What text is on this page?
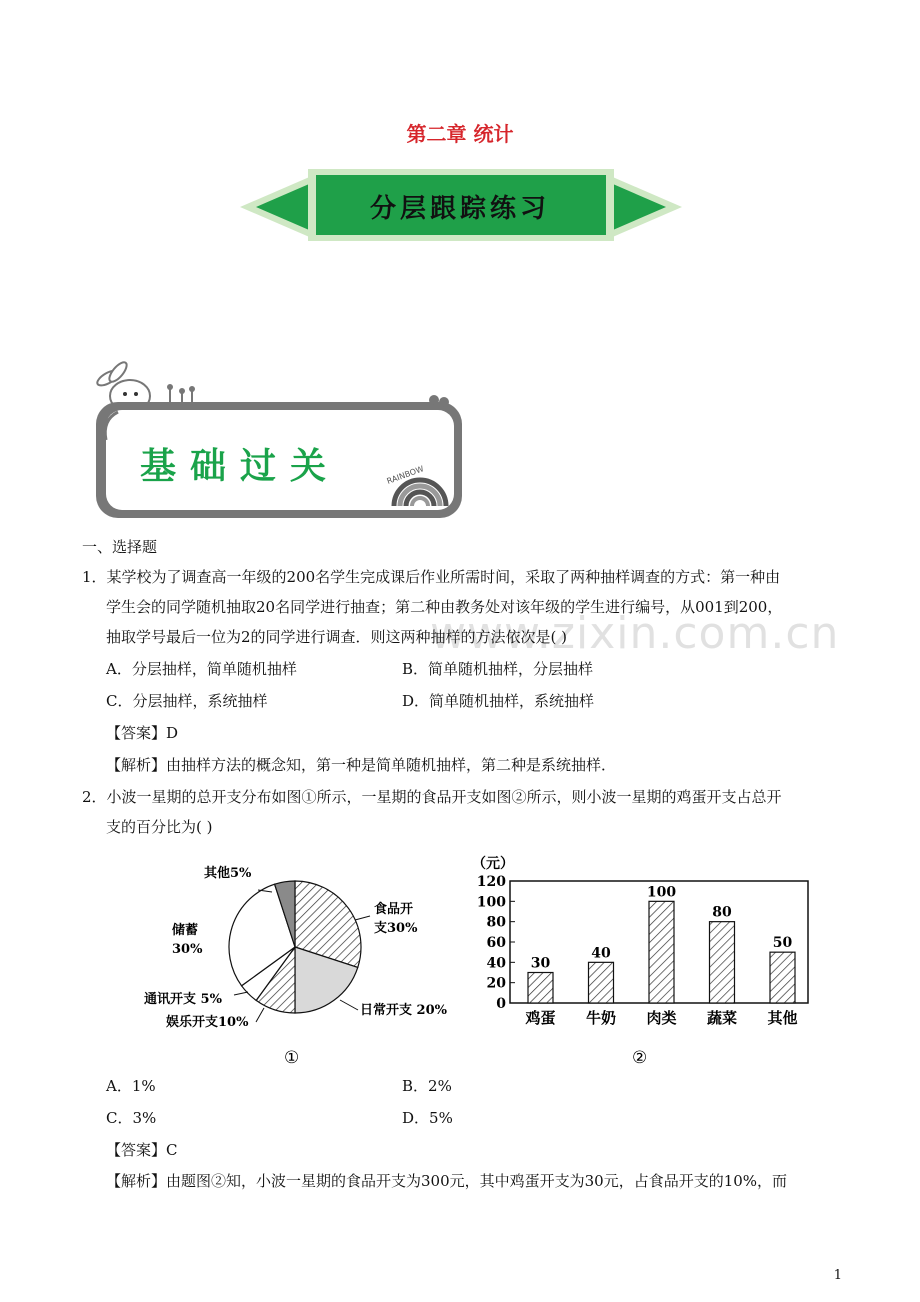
第二章 统计
分层跟踪练习
RAINBOW
基础过关
www.zixin.com.cn
一、选择题
1．某学校为了调查高一年级的200名学生完成课后作业所需时间，采取了两种抽样调查的方式：第一种由
学生会的同学随机抽取20名同学进行抽查；第二种由教务处对该年级的学生进行编号，从001到200，
抽取学号最后一位为2的同学进行调查．则这两种抽样的方法依次是( )
A．分层抽样，简单随机抽样	B．简单随机抽样，分层抽样
C．分层抽样，系统抽样	D．简单随机抽样，系统抽样
【答案】D
【解析】由抽样方法的概念知，第一种是简单随机抽样，第二种是系统抽样．
2．小波一星期的总开支分布如图①所示，一星期的食品开支如图②所示，则小波一星期的鸡蛋开支占总开
支的百分比为( )
其他5%
食品开
支30%
储蓄
30%
日常开支 20%
通讯开支 5%
娱乐开支10%
①
（元）
0
20
40
60
80
100
120
30
鸡蛋
40
牛奶
100
肉类
80
蔬菜
50
其他
②
A．1%	B．2%
C．3%	D．5%
【答案】C
【解析】由题图②知，小波一星期的食品开支为300元，其中鸡蛋开支为30元，占食品开支的10%，而
1
